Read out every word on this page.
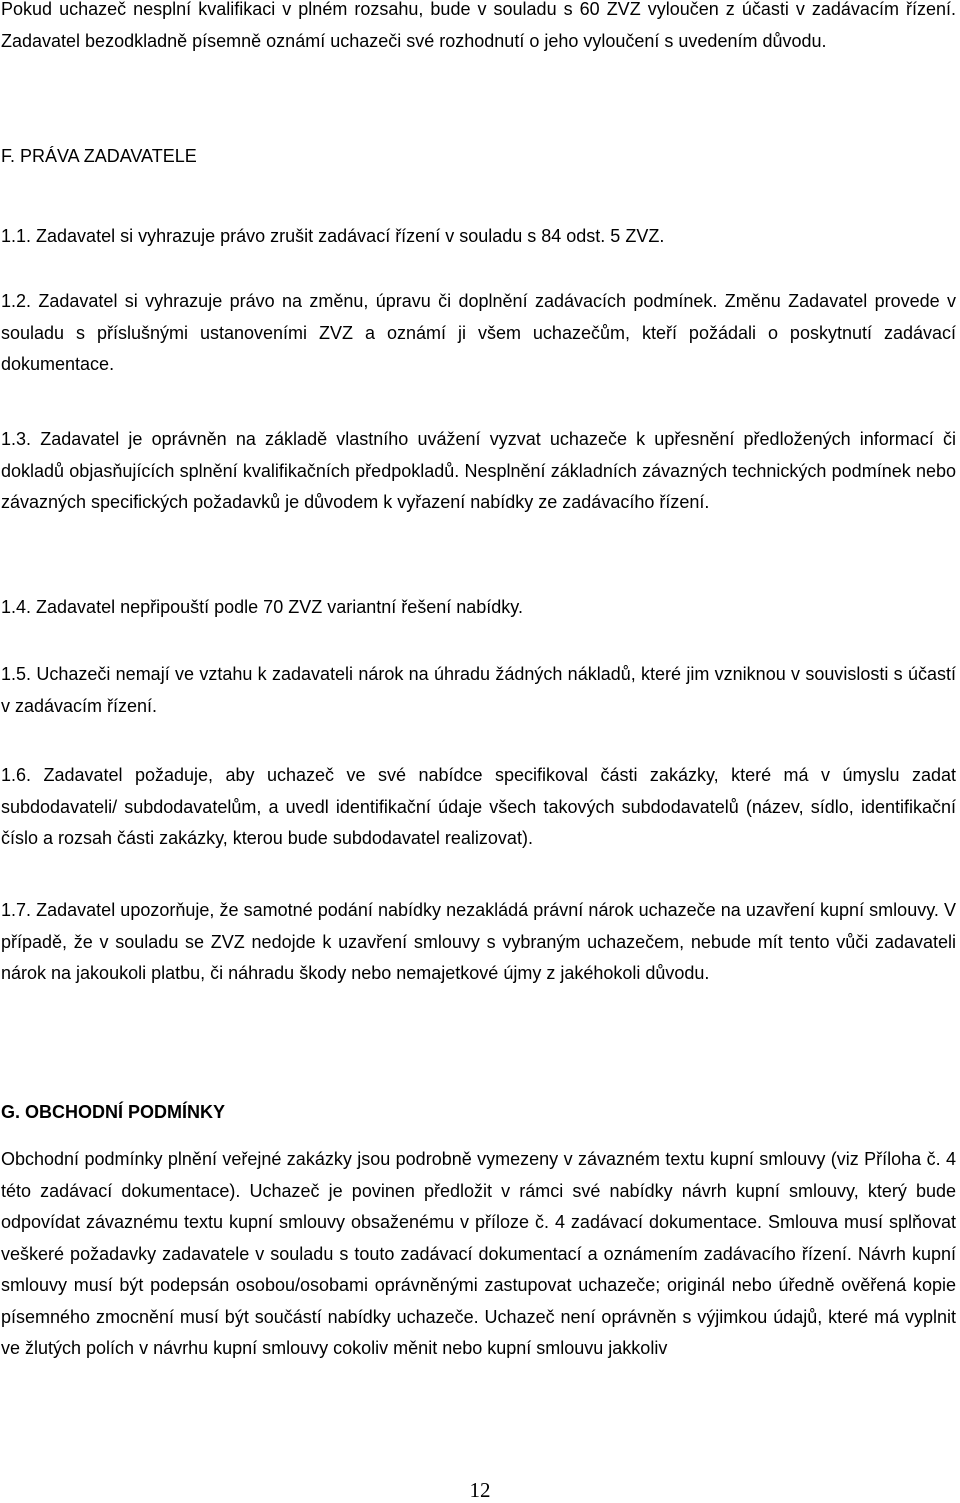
Pokud uchazeč nesplní kvalifikaci v plném rozsahu, bude v souladu s 60 ZVZ vyloučen z účasti v zadávacím řízení. Zadavatel bezodkladně písemně oznámí uchazeči své rozhodnutí o jeho vyloučení s uvedením důvodu.

F. PRÁVA ZADAVATELE

1.1. Zadavatel si vyhrazuje právo zrušit zadávací řízení v souladu s 84 odst. 5 ZVZ.

1.2. Zadavatel si vyhrazuje právo na změnu, úpravu či doplnění zadávacích podmínek. Změnu Zadavatel provede v souladu s příslušnými ustanoveními ZVZ a oznámí ji všem uchazečům, kteří požádali o poskytnutí zadávací dokumentace.

1.3. Zadavatel je oprávněn na základě vlastního uvážení vyzvat uchazeče k upřesnění předložených informací či dokladů objasňujících splnění kvalifikačních předpokladů. Nesplnění základních závazných technických podmínek nebo závazných specifických požadavků je důvodem k vyřazení nabídky ze zadávacího řízení.

1.4. Zadavatel nepřipouští podle 70 ZVZ variantní řešení nabídky.

1.5. Uchazeči nemají ve vztahu k zadavateli nárok na úhradu žádných nákladů, které jim vzniknou v souvislosti s účastí v zadávacím řízení.

1.6. Zadavatel požaduje, aby uchazeč ve své nabídce specifikoval části zakázky, které má v úmyslu zadat subdodavateli/ subdodavatelům, a uvedl identifikační údaje všech takových subdodavatelů (název, sídlo, identifikační číslo a rozsah části zakázky, kterou bude subdodavatel realizovat).

1.7. Zadavatel upozorňuje, že samotné podání nabídky nezakládá právní nárok uchazeče na uzavření kupní smlouvy. V případě, že v souladu se ZVZ nedojde k uzavření smlouvy s vybraným uchazečem, nebude mít tento vůči zadavateli nárok na jakoukoli platbu, či náhradu škody nebo nemajetkové újmy z jakéhokoli důvodu.

G. OBCHODNÍ PODMÍNKY

Obchodní podmínky plnění veřejné zakázky jsou podrobně vymezeny v závazném textu kupní smlouvy (viz Příloha č. 4 této zadávací dokumentace). Uchazeč je povinen předložit v rámci své nabídky návrh kupní smlouvy, který bude odpovídat závaznému textu kupní smlouvy obsaženému v příloze č. 4 zadávací dokumentace. Smlouva musí splňovat veškeré požadavky zadavatele v souladu s touto zadávací dokumentací a oznámením zadávacího řízení. Návrh kupní smlouvy musí být podepsán osobou/osobami oprávněnými zastupovat uchazeče; originál nebo úředně ověřená kopie písemného zmocnění musí být součástí nabídky uchazeče. Uchazeč není oprávněn s výjimkou údajů, které má vyplnit ve žlutých polích v návrhu kupní smlouvy cokoliv měnit nebo kupní smlouvu jakkoliv

12
